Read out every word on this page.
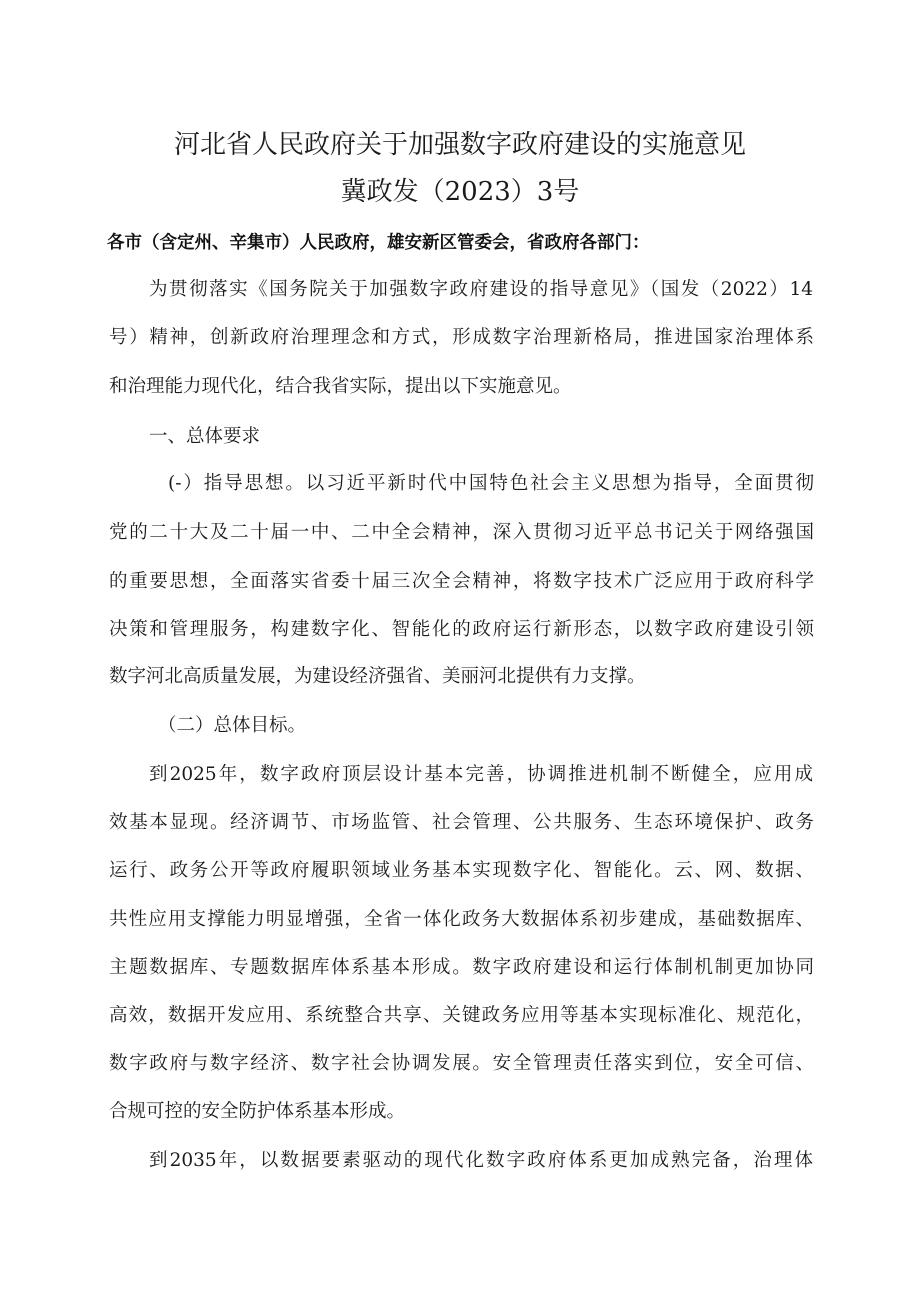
河北省人民政府关于加强数字政府建设的实施意见
冀政发（2023）3号
各市（含定州、辛集市）人民政府，雄安新区管委会，省政府各部门：
为贯彻落实《国务院关于加强数字政府建设的指导意见》（国发（2022）14
号）精神，创新政府治理理念和方式，形成数字治理新格局，推进国家治理体系
和治理能力现代化，结合我省实际，提出以下实施意见。
一、总体要求
(-）指导思想。以习近平新时代中国特色社会主义思想为指导，全面贯彻
党的二十大及二十届一中、二中全会精神，深入贯彻习近平总书记关于网络强国
的重要思想，全面落实省委十届三次全会精神，将数字技术广泛应用于政府科学
决策和管理服务，构建数字化、智能化的政府运行新形态，以数字政府建设引领
数字河北高质量发展，为建设经济强省、美丽河北提供有力支撑。
（二）总体目标。
到2025年，数字政府顶层设计基本完善，协调推进机制不断健全，应用成
效基本显现。经济调节、市场监管、社会管理、公共服务、生态环境保护、政务
运行、政务公开等政府履职领域业务基本实现数字化、智能化。云、网、数据、
共性应用支撑能力明显增强，全省一体化政务大数据体系初步建成，基础数据库、
主题数据库、专题数据库体系基本形成。数字政府建设和运行体制机制更加协同
高效，数据开发应用、系统整合共享、关键政务应用等基本实现标准化、规范化，
数字政府与数字经济、数字社会协调发展。安全管理责任落实到位，安全可信、
合规可控的安全防护体系基本形成。
到2035年，以数据要素驱动的现代化数字政府体系更加成熟完备，治理体
